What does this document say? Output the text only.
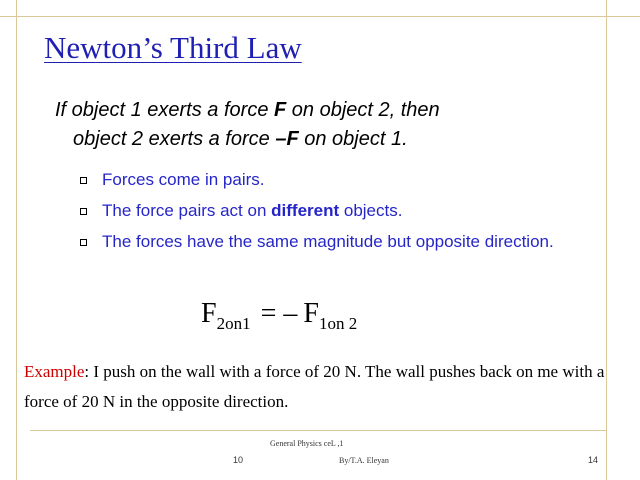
Newton’s Third Law
If object 1 exerts a force F on object 2, then
object 2 exerts a force –F on object 1.
Forces come in pairs.
The force pairs act on different objects.
The forces have the same magnitude but opposite direction.
$F_{2on1}$ = – $F_{1on 2}$
Example: I push on the wall with a force of 20 N. The wall pushes back on me with a force of 20 N in the opposite direction.
General Physics ceL ,1
By/T.A. Eleyan
10	14
